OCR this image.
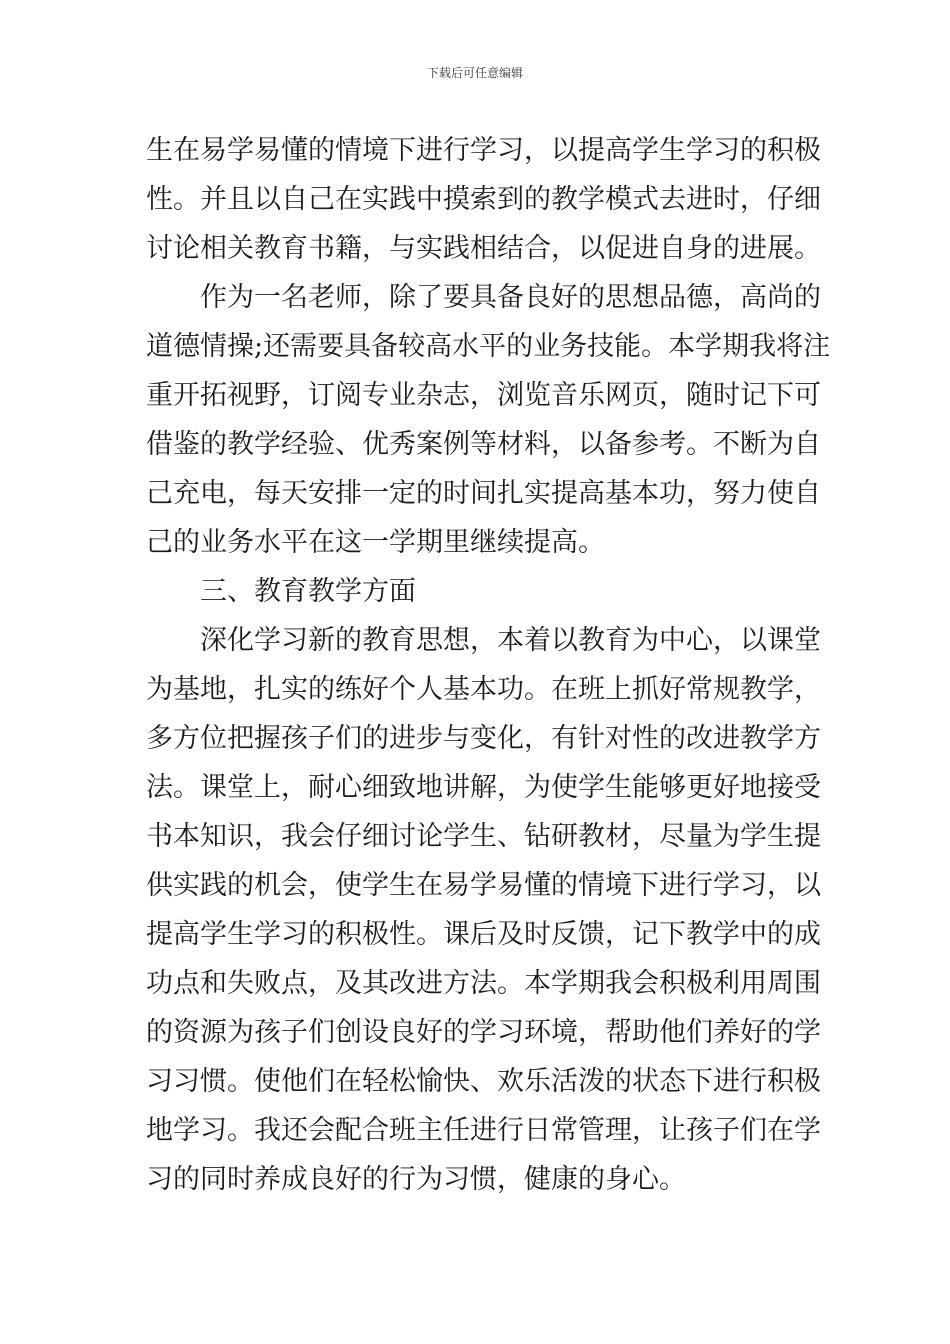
下载后可任意编辑
生在易学易懂的情境下进行学习，以提高学生学习的积极
性。并且以自己在实践中摸索到的教学模式去进时，仔细
讨论相关教育书籍，与实践相结合，以促进自身的进展。
作为一名老师，除了要具备良好的思想品德，高尚的
道德情操;还需要具备较高水平的业务技能。本学期我将注
重开拓视野，订阅专业杂志，浏览音乐网页，随时记下可
借鉴的教学经验、优秀案例等材料，以备参考。不断为自
己充电，每天安排一定的时间扎实提高基本功，努力使自
己的业务水平在这一学期里继续提高。
三、教育教学方面
深化学习新的教育思想，本着以教育为中心，以课堂
为基地，扎实的练好个人基本功。在班上抓好常规教学，
多方位把握孩子们的进步与变化，有针对性的改进教学方
法。课堂上，耐心细致地讲解，为使学生能够更好地接受
书本知识，我会仔细讨论学生、钻研教材，尽量为学生提
供实践的机会，使学生在易学易懂的情境下进行学习，以
提高学生学习的积极性。课后及时反馈，记下教学中的成
功点和失败点，及其改进方法。本学期我会积极利用周围
的资源为孩子们创设良好的学习环境，帮助他们养好的学
习习惯。使他们在轻松愉快、欢乐活泼的状态下进行积极
地学习。我还会配合班主任进行日常管理，让孩子们在学
习的同时养成良好的行为习惯，健康的身心。
